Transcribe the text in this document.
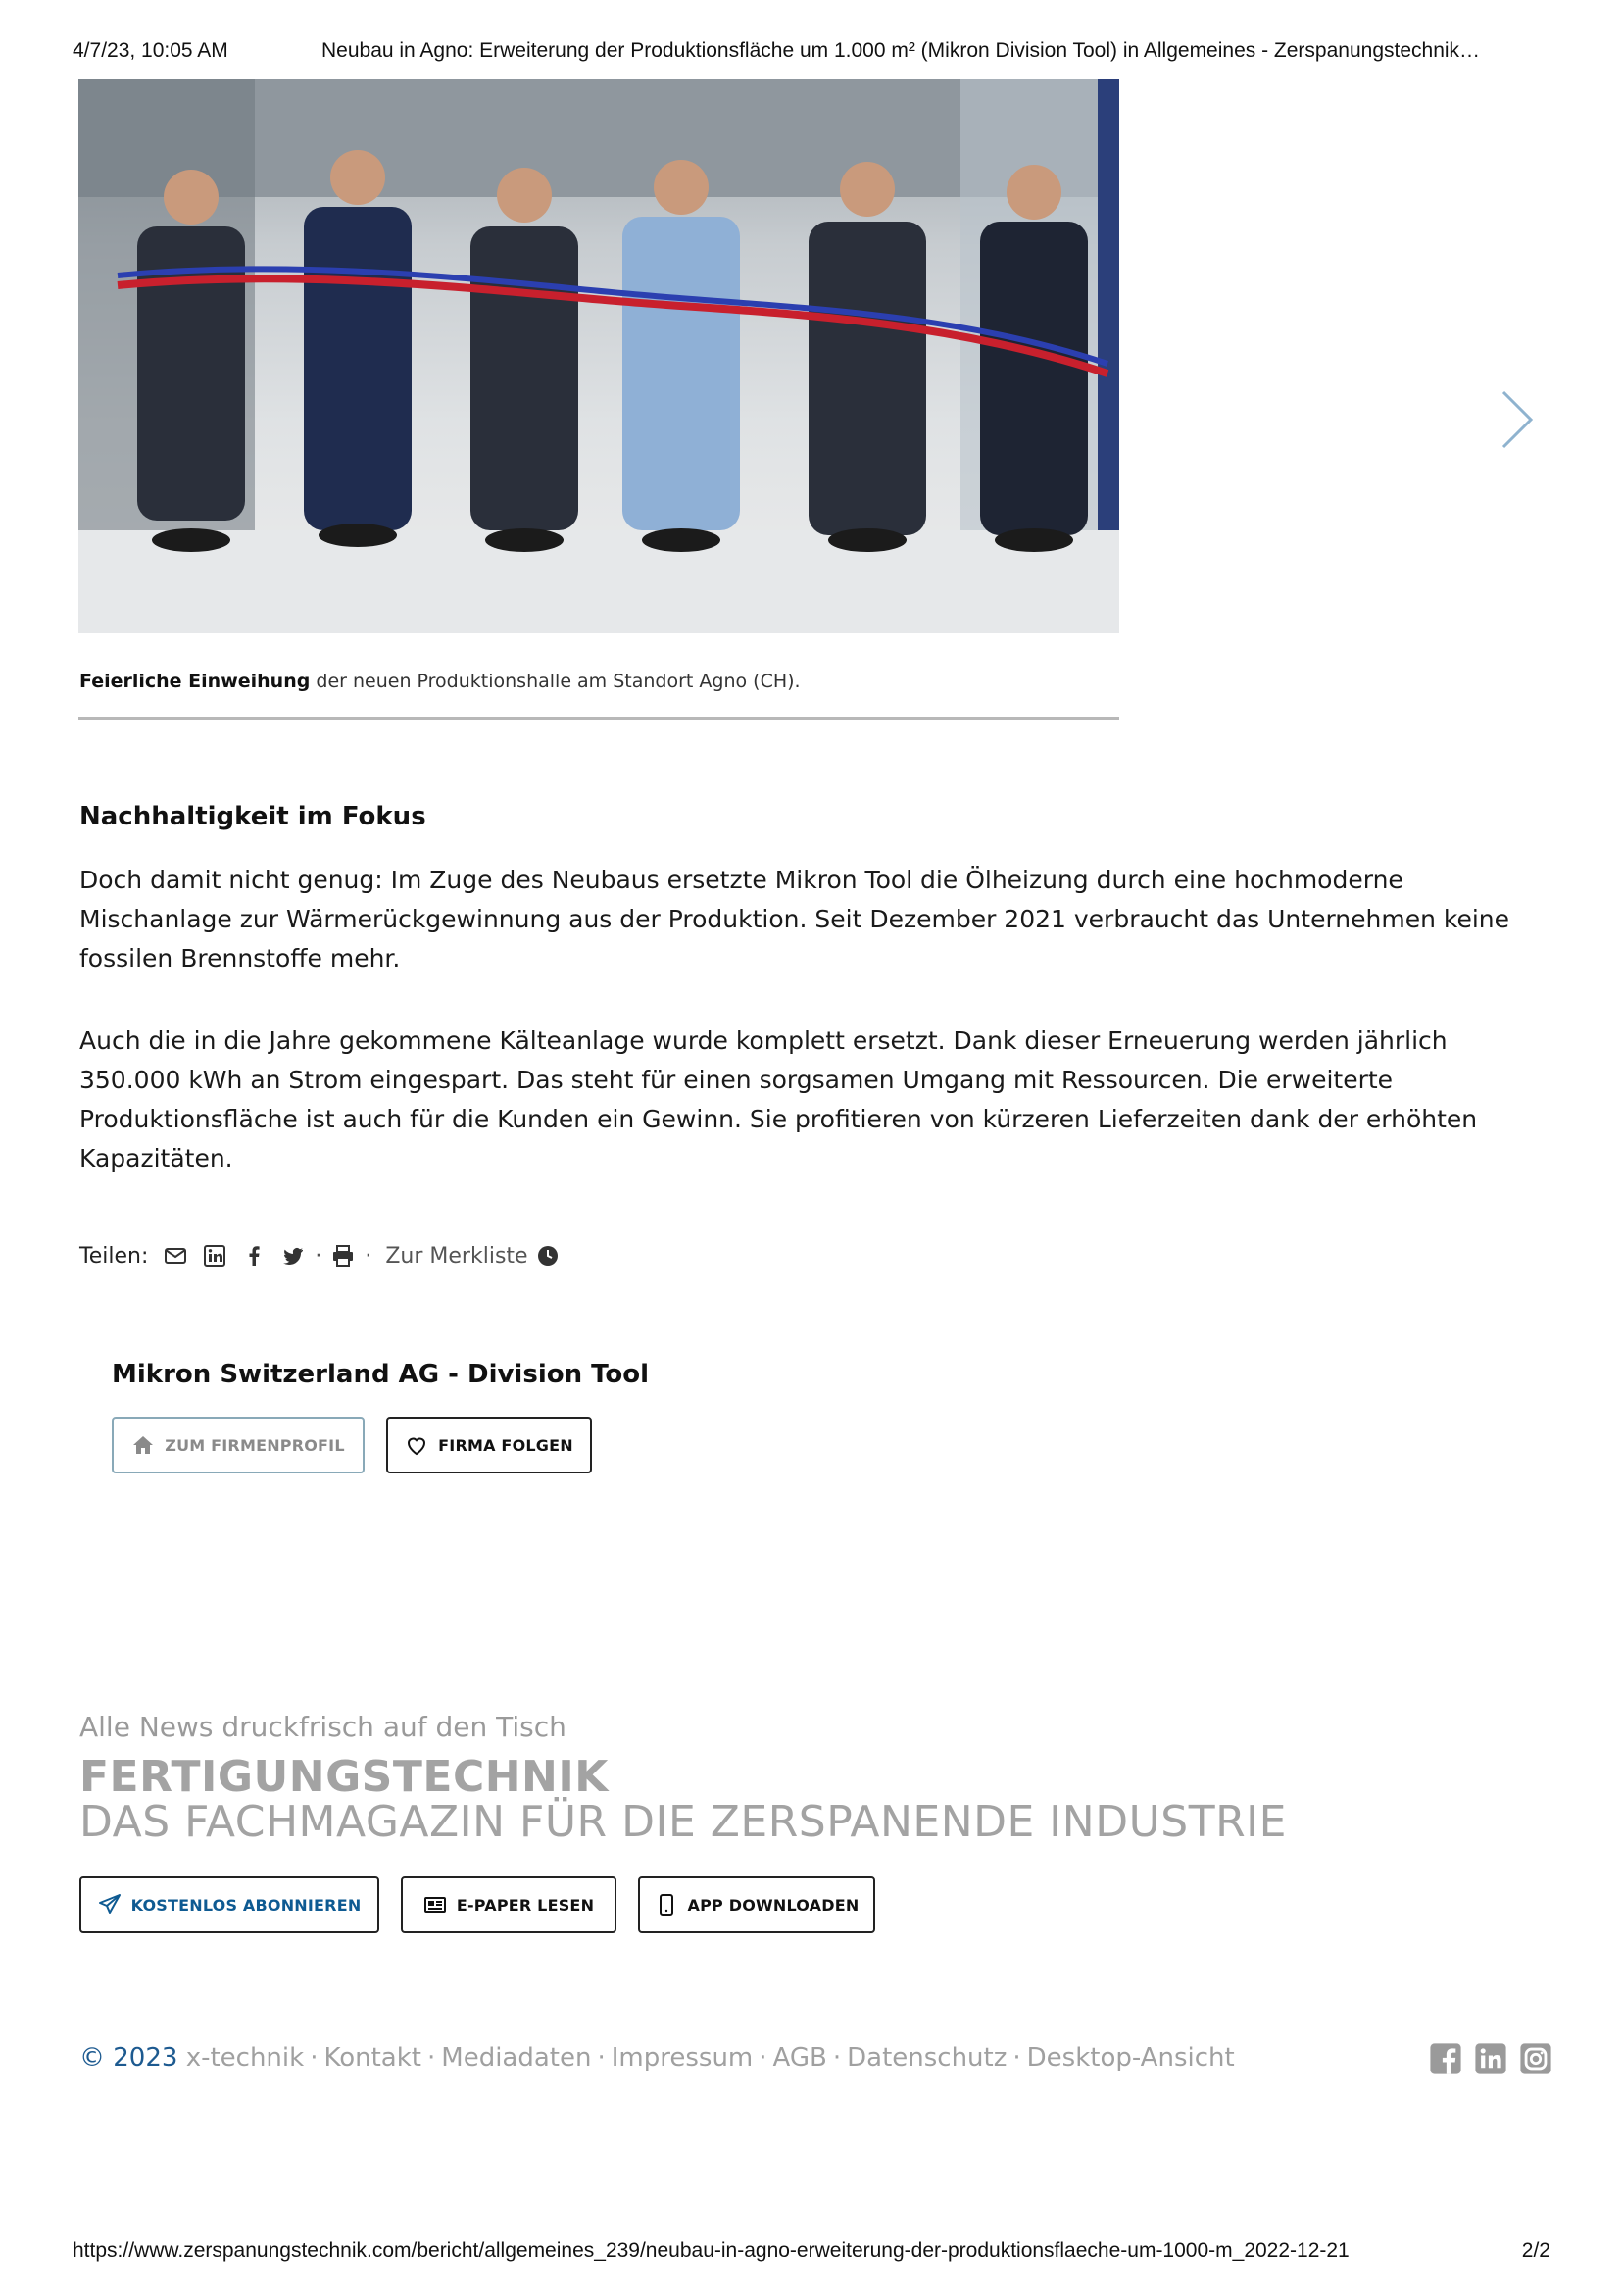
4/7/23, 10:05 AM	Neubau in Agno: Erweiterung der Produktionsfläche um 1.000 m² (Mikron Division Tool) in Allgemeines - Zerspanungstechnik…
Feierliche Einweihung der neuen Produktionshalle am Standort Agno (CH).
Nachhaltigkeit im Fokus
Doch damit nicht genug: Im Zuge des Neubaus ersetzte Mikron Tool die Ölheizung durch eine hochmoderne Mischanlage zur Wärmerückgewinnung aus der Produktion. Seit Dezember 2021 verbraucht das Unternehmen keine fossilen Brennstoffe mehr.
Auch die in die Jahre gekommene Kälteanlage wurde komplett ersetzt. Dank dieser Erneuerung werden jährlich 350.000 kWh an Strom eingespart. Das steht für einen sorgsamen Umgang mit Ressourcen. Die erweiterte Produktionsfläche ist auch für die Kunden ein Gewinn. Sie profitieren von kürzeren Lieferzeiten dank der erhöhten Kapazitäten.
Teilen:	· · Zur Merkliste
Mikron Switzerland AG - Division Tool
ZUM FIRMENPROFIL	FIRMA FOLGEN
Alle News druckfrisch auf den Tisch
FERTIGUNGSTECHNIK
DAS FACHMAGAZIN FÜR DIE ZERSPANENDE INDUSTRIE
KOSTENLOS ABONNIEREN	E-PAPER LESEN	APP DOWNLOADEN
© 2023 x-technik · Kontakt · Mediadaten · Impressum · AGB · Datenschutz · Desktop-Ansicht
https://www.zerspanungstechnik.com/bericht/allgemeines_239/neubau-in-agno-erweiterung-der-produktionsflaeche-um-1000-m_2022-12-21	2/2
